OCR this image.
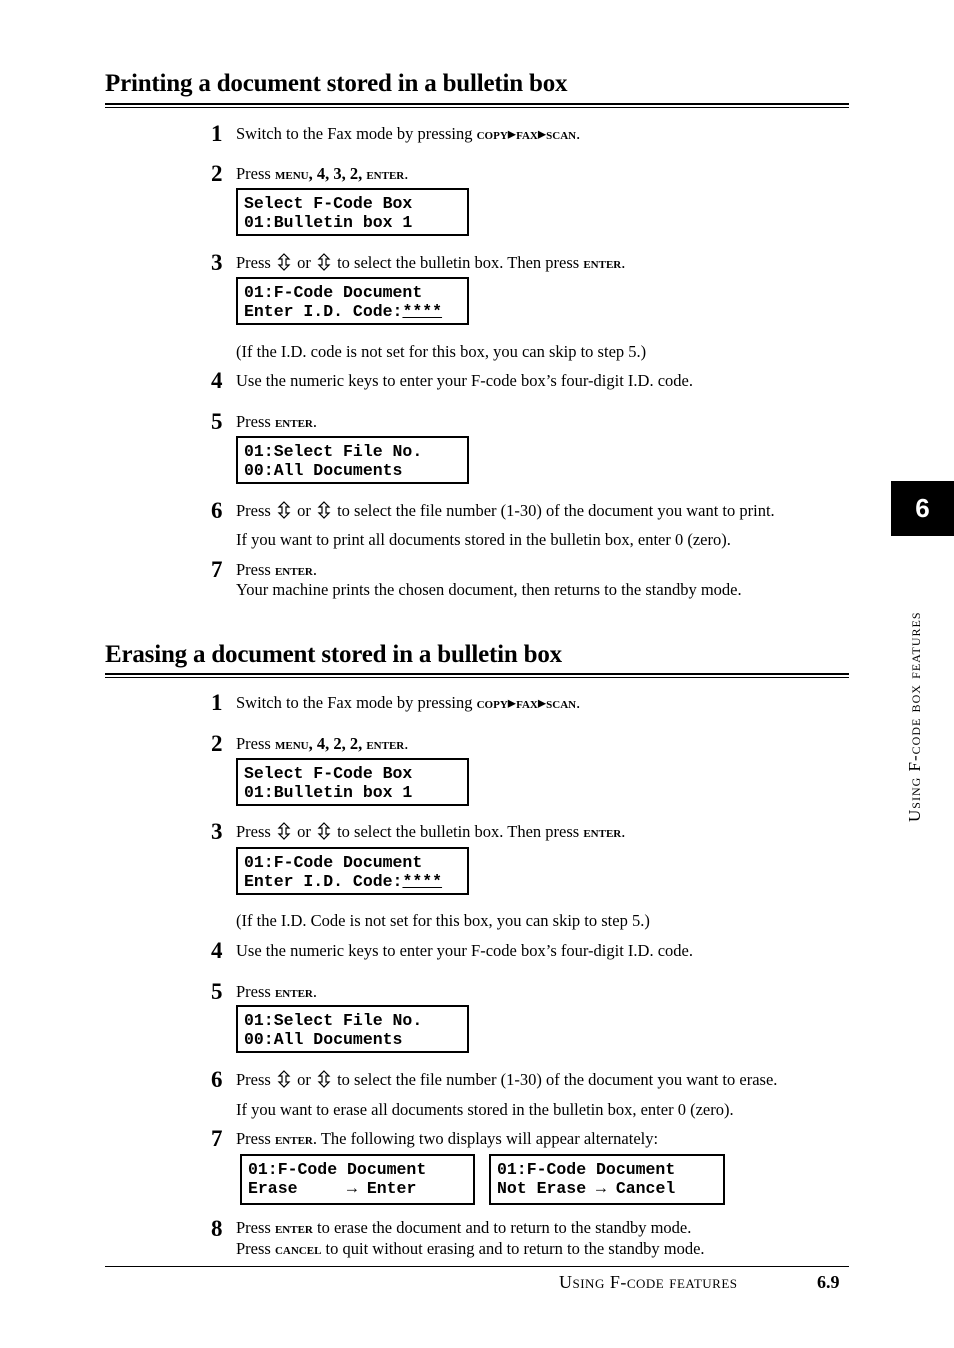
Printing a document stored in a bulletin box
1 Switch to the Fax mode by pressing copy▸fax▸scan.
2 Press menu, 4, 3, 2, enter.
Select F-Code Box
01:Bulletin box 1
3 Press  or  to select the bulletin box. Then press enter.
01:F-Code Document
Enter I.D. Code:****
(If the I.D. code is not set for this box, you can skip to step 5.)
4 Use the numeric keys to enter your F-code box’s four-digit I.D. code.
5 Press enter.
01:Select File No.
00:All Documents
6 Press  or  to select the file number (1-30) of the document you want to print.
If you want to print all documents stored in the bulletin box, enter 0 (zero).
7 Press enter.
Your machine prints the chosen document, then returns to the standby mode.
Erasing a document stored in a bulletin box
1 Switch to the Fax mode by pressing copy▸fax▸scan.
2 Press menu, 4, 2, 2, enter.
Select F-Code Box
01:Bulletin box 1
3 Press  or  to select the bulletin box. Then press enter.
01:F-Code Document
Enter I.D. Code:****
(If the I.D. Code is not set for this box, you can skip to step 5.)
4 Use the numeric keys to enter your F-code box’s four-digit I.D. code.
5 Press enter.
01:Select File No.
00:All Documents
6 Press  or  to select the file number (1-30) of the document you want to erase.
If you want to erase all documents stored in the bulletin box, enter 0 (zero).
7 Press enter. The following two displays will appear alternately:
01:F-Code Document
Erase     → Enter
01:F-Code Document
Not Erase → Cancel
8 Press enter to erase the document and to return to the standby mode.
Press cancel to quit without erasing and to return to the standby mode.
6
Using F-code box features
Using F-code features	6.9
